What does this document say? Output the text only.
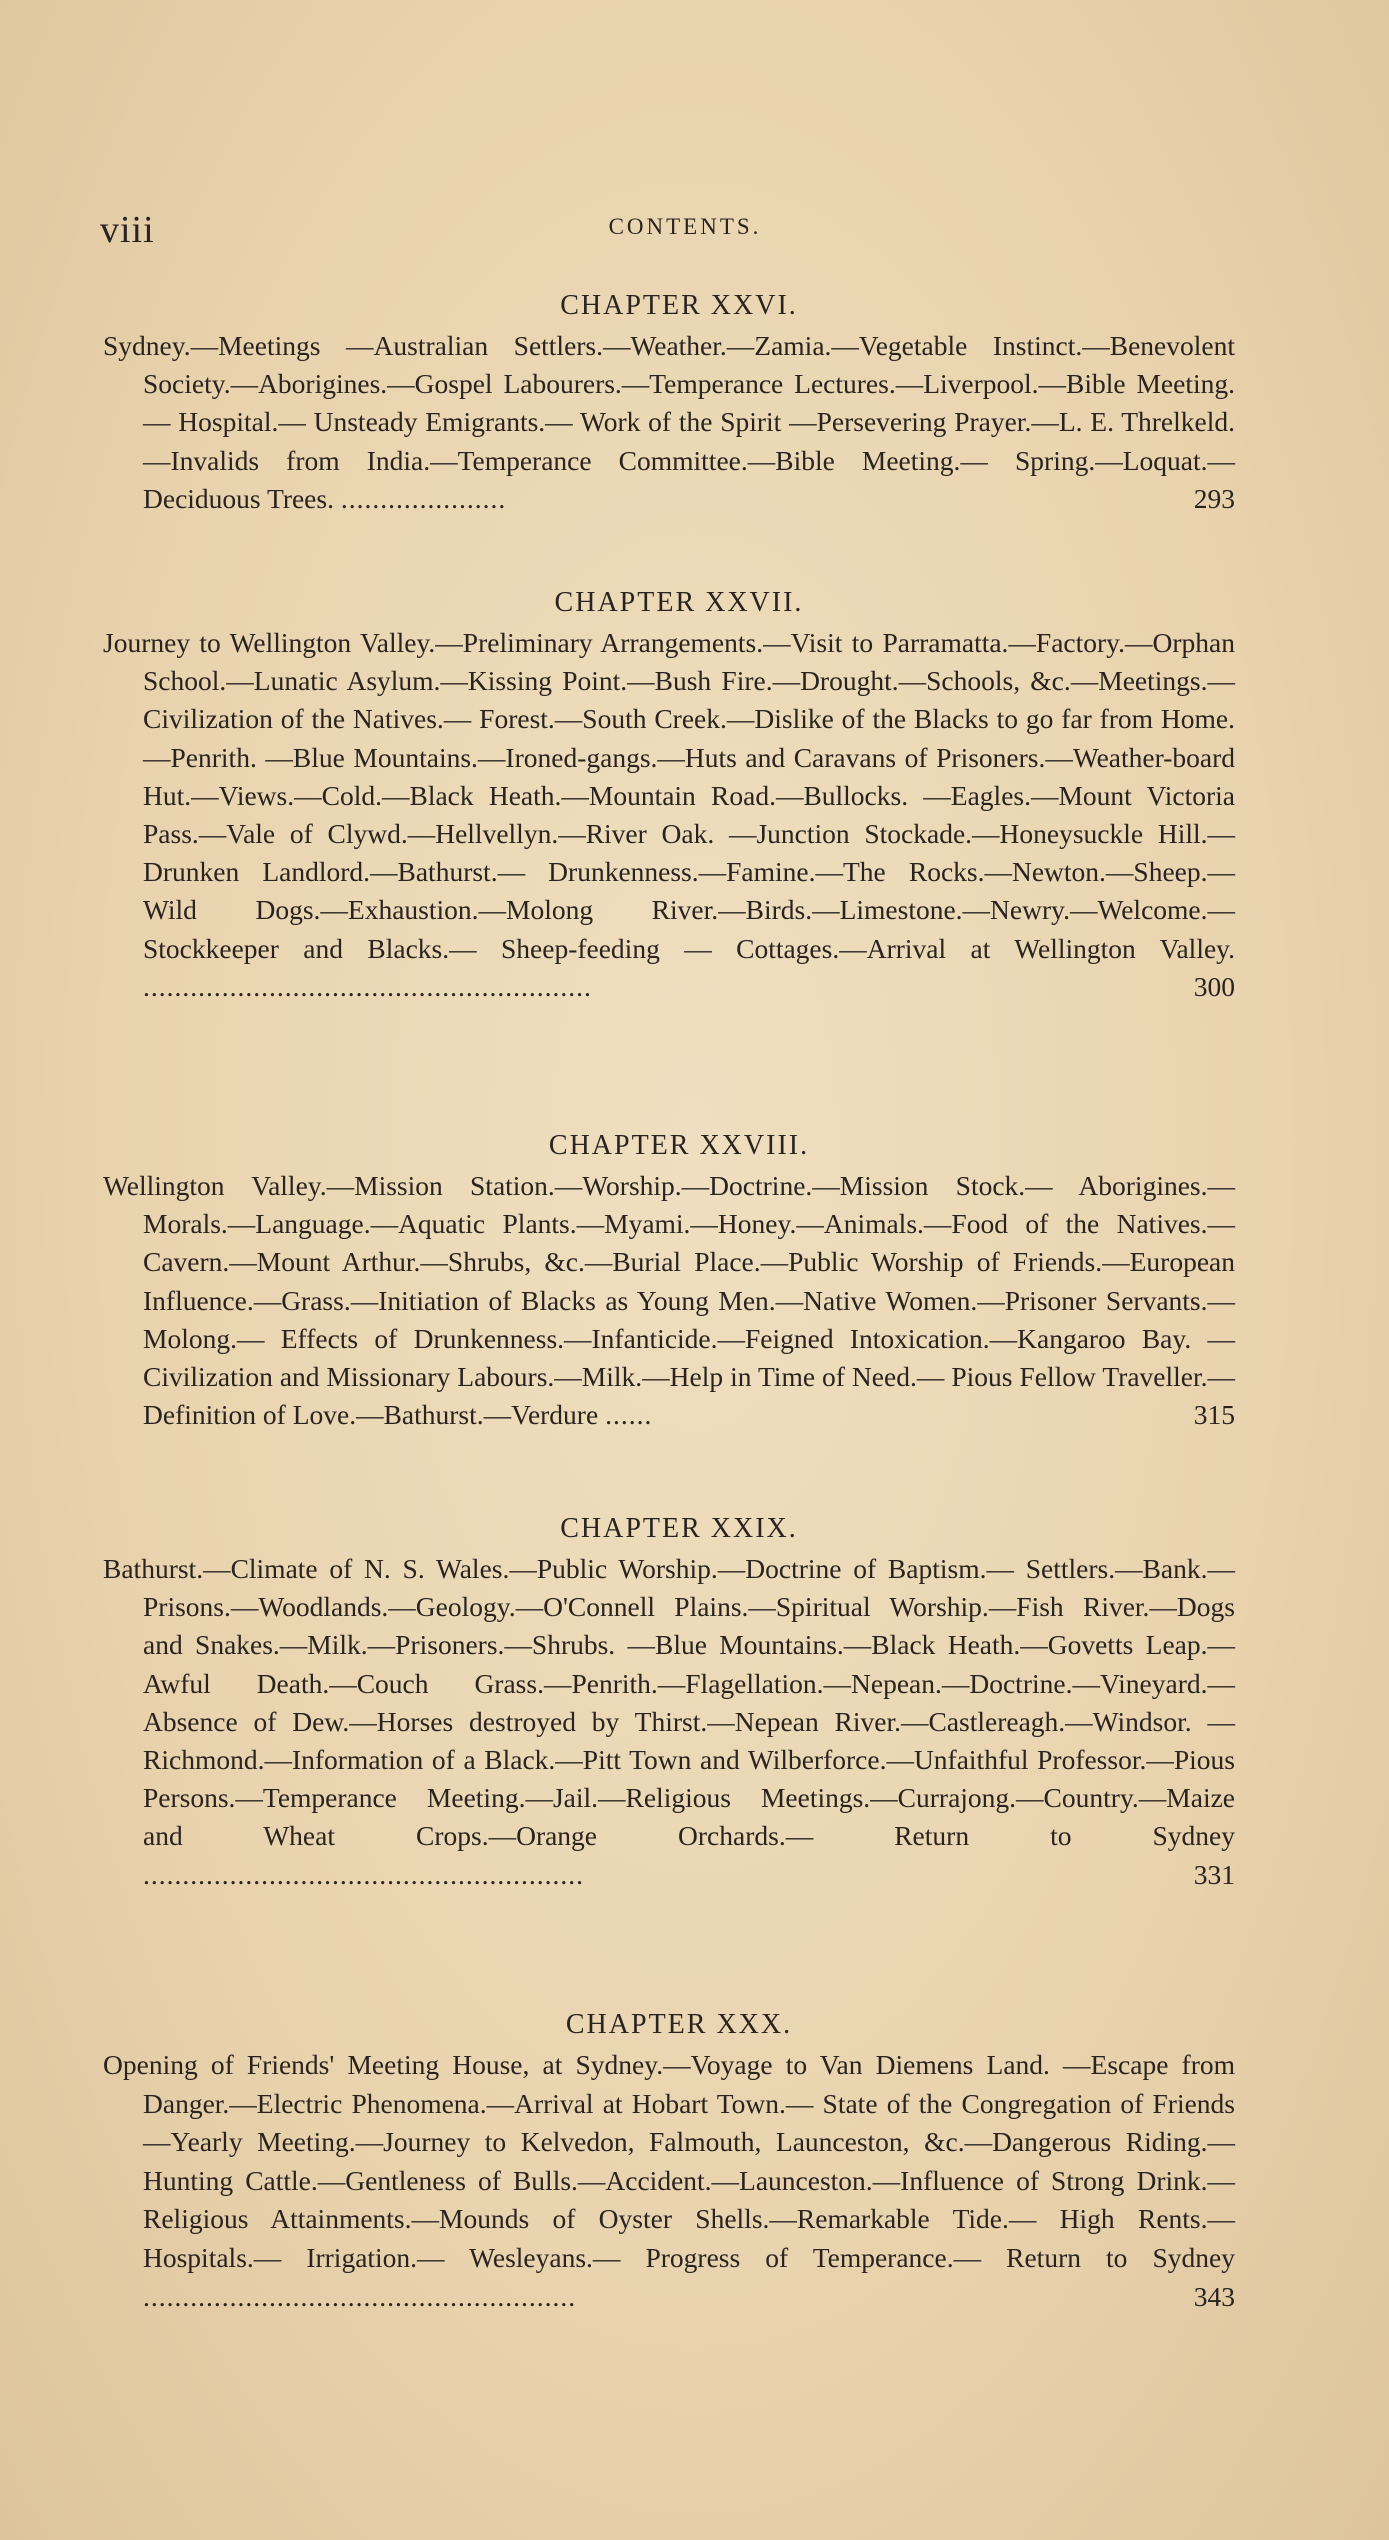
viii	CONTENTS.
CHAPTER XXVI.
Sydney.—Meetings —Australian Settlers.—Weather.—Zamia.—Vegetable Instinct.—Benevolent Society.—Aborigines.—Gospel Labourers.—Temperance Lectures.—Liverpool.—Bible Meeting.— Hospital.— Unsteady Emigrants.— Work of the Spirit —Persevering Prayer.—L. E. Threlkeld.—Invalids from India.—Temperance Committee.—Bible Meeting.— Spring.—Loquat.—Deciduous Trees. .....................	293
CHAPTER XXVII.
Journey to Wellington Valley.—Preliminary Arrangements.—Visit to Parramatta.—Factory.—Orphan School.—Lunatic Asylum.—Kissing Point.—Bush Fire.—Drought.—Schools, &c.—Meetings.—Civilization of the Natives.— Forest.—South Creek.—Dislike of the Blacks to go far from Home.—Penrith. —Blue Mountains.—Ironed-gangs.—Huts and Caravans of Prisoners.—Weather-board Hut.—Views.—Cold.—Black Heath.—Mountain Road.—Bullocks. —Eagles.—Mount Victoria Pass.—Vale of Clywd.—Hellvellyn.—River Oak. —Junction Stockade.—Honeysuckle Hill.—Drunken Landlord.—Bathurst.— Drunkenness.—Famine.—The Rocks.—Newton.—Sheep.—Wild Dogs.—Exhaustion.—Molong River.—Birds.—Limestone.—Newry.—Welcome.—Stockkeeper and Blacks.— Sheep-feeding — Cottages.—Arrival at Wellington Valley. .........................................................	300
CHAPTER XXVIII.
Wellington Valley.—Mission Station.—Worship.—Doctrine.—Mission Stock.— Aborigines.—Morals.—Language.—Aquatic Plants.—Myami.—Honey.—Animals.—Food of the Natives.—Cavern.—Mount Arthur.—Shrubs, &c.—Burial Place.—Public Worship of Friends.—European Influence.—Grass.—Initiation of Blacks as Young Men.—Native Women.—Prisoner Servants.—Molong.— Effects of Drunkenness.—Infanticide.—Feigned Intoxication.—Kangaroo Bay. —Civilization and Missionary Labours.—Milk.—Help in Time of Need.— Pious Fellow Traveller.—Definition of Love.—Bathurst.—Verdure ......	315
CHAPTER XXIX.
Bathurst.—Climate of N. S. Wales.—Public Worship.—Doctrine of Baptism.— Settlers.—Bank.—Prisons.—Woodlands.—Geology.—O'Connell Plains.—Spiritual Worship.—Fish River.—Dogs and Snakes.—Milk.—Prisoners.—Shrubs. —Blue Mountains.—Black Heath.—Govetts Leap.—Awful Death.—Couch Grass.—Penrith.—Flagellation.—Nepean.—Doctrine.—Vineyard.—Absence of Dew.—Horses destroyed by Thirst.—Nepean River.—Castlereagh.—Windsor. —Richmond.—Information of a Black.—Pitt Town and Wilberforce.—Unfaithful Professor.—Pious Persons.—Temperance Meeting.—Jail.—Religious Meetings.—Currajong.—Country.—Maize and Wheat Crops.—Orange Orchards.— Return to Sydney ........................................................	331
CHAPTER XXX.
Opening of Friends' Meeting House, at Sydney.—Voyage to Van Diemens Land. —Escape from Danger.—Electric Phenomena.—Arrival at Hobart Town.— State of the Congregation of Friends —Yearly Meeting.—Journey to Kelvedon, Falmouth, Launceston, &c.—Dangerous Riding.—Hunting Cattle.—Gentleness of Bulls.—Accident.—Launceston.—Influence of Strong Drink.—Religious Attainments.—Mounds of Oyster Shells.—Remarkable Tide.— High Rents.— Hospitals.— Irrigation.— Wesleyans.— Progress of Temperance.— Return to Sydney .......................................................	343
